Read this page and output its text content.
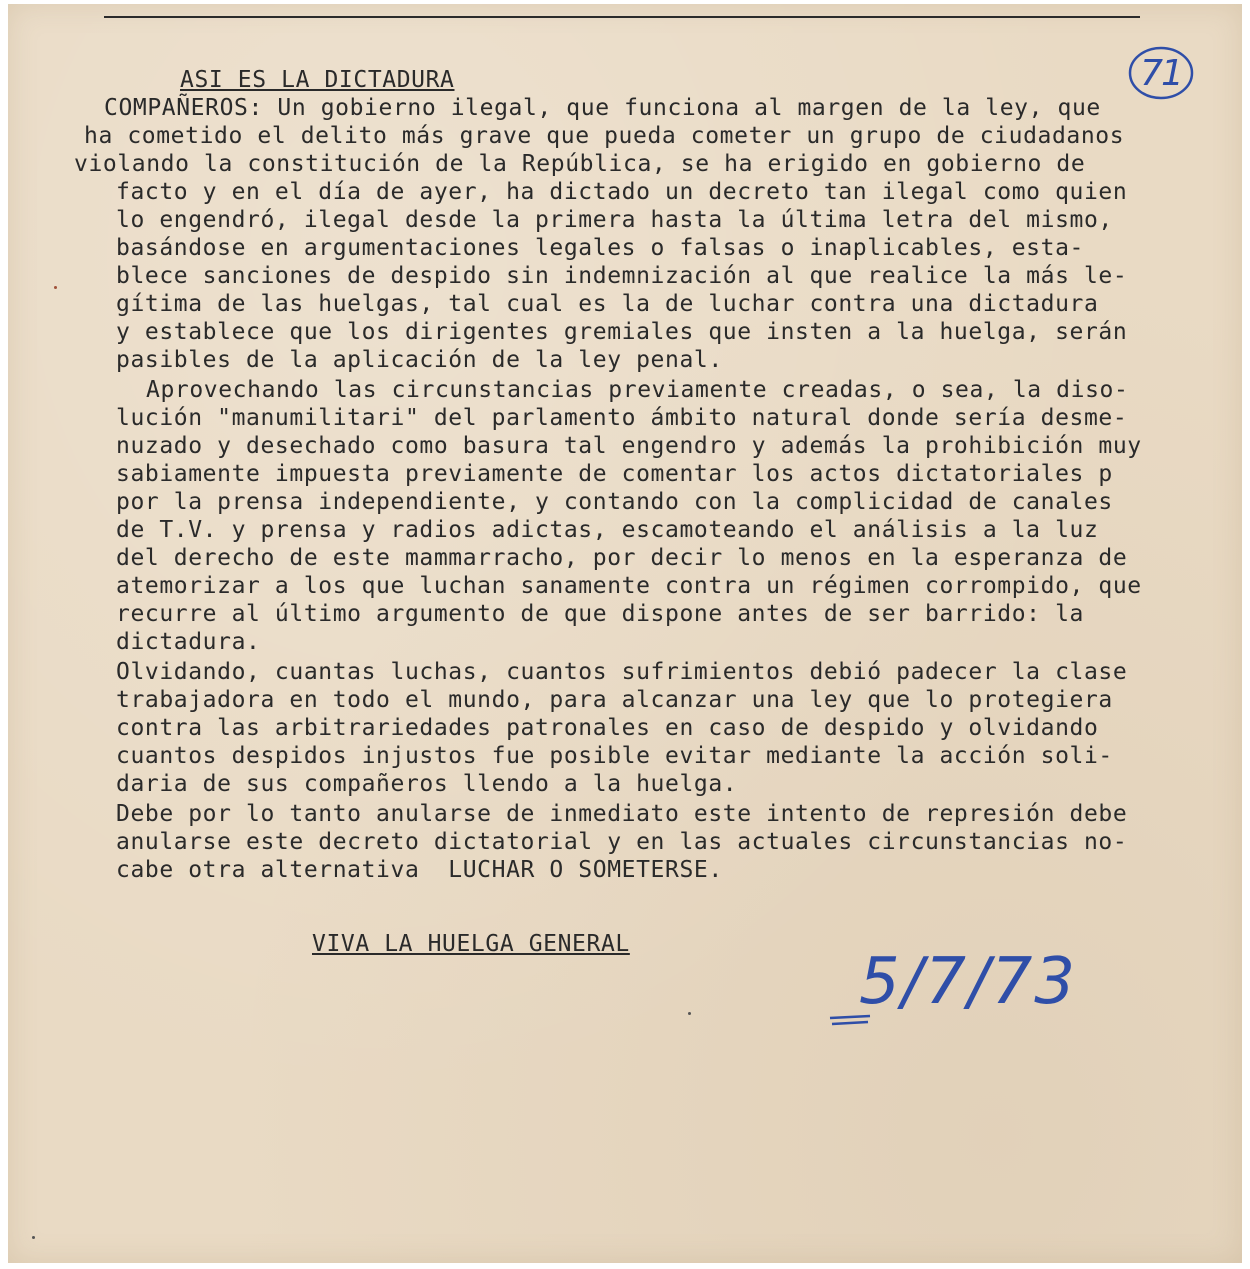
71
ASI ES LA DICTADURA
COMPAÑEROS: Un gobierno ilegal, que funciona al margen de la ley, que
ha cometido el delito más grave que pueda cometer un grupo de ciudadanos
violando la constitución de la República, se ha erigido en gobierno de
facto y en el día de ayer, ha dictado un decreto tan ilegal como quien
lo engendró, ilegal desde la primera hasta la última letra del mismo,
basándose en argumentaciones legales o falsas o inaplicables, esta-
blece sanciones de despido sin indemnización al que realice la más le-
gítima de las huelgas, tal cual es la de luchar contra una dictadura
y establece que los dirigentes gremiales que insten a la huelga, serán
pasibles de la aplicación de la ley penal.
Aprovechando las circunstancias previamente creadas, o sea, la diso-
lución "manumilitari" del parlamento ámbito natural donde sería desme-
nuzado y desechado como basura tal engendro y además la prohibición muy
sabiamente impuesta previamente de comentar los actos dictatoriales p
por la prensa independiente, y contando con la complicidad de canales
de T.V. y prensa y radios adictas, escamoteando el análisis a la luz
del derecho de este mammarracho, por decir lo menos en la esperanza de
atemorizar a los que luchan sanamente contra un régimen corrompido, que
recurre al último argumento de que dispone antes de ser barrido: la
dictadura.
Olvidando, cuantas luchas, cuantos sufrimientos debió padecer la clase
trabajadora en todo el mundo, para alcanzar una ley que lo protegiera
contra las arbitrariedades patronales en caso de despido y olvidando
cuantos despidos injustos fue posible evitar mediante la acción soli-
daria de sus compañeros llendo a la huelga.
Debe por lo tanto anularse de inmediato este intento de represión debe
anularse este decreto dictatorial y en las actuales circunstancias no-
cabe otra alternativa  LUCHAR O SOMETERSE.
VIVA LA HUELGA GENERAL
5/7/73
